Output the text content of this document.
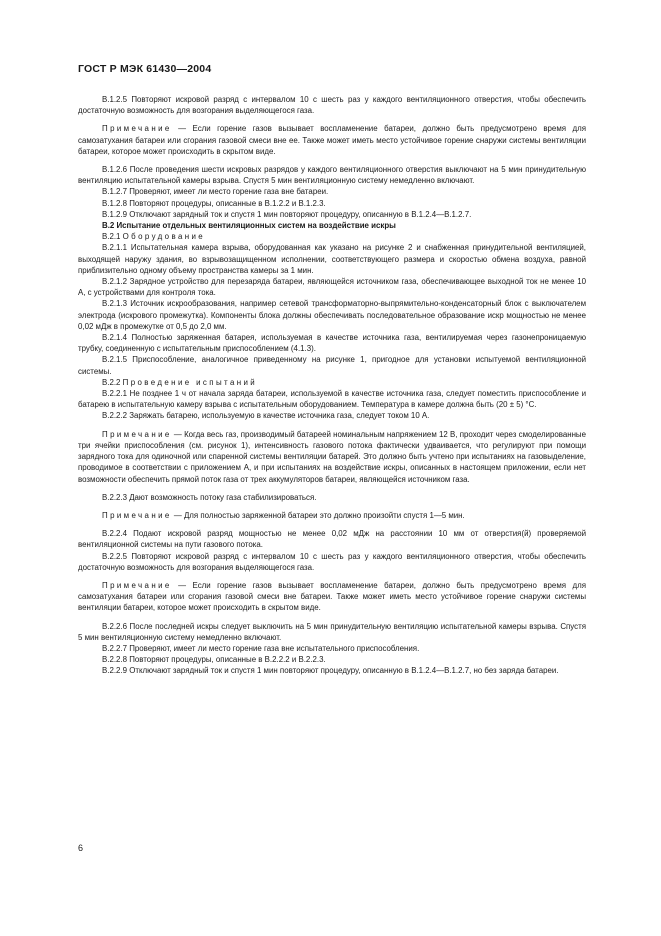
ГОСТ Р МЭК 61430—2004

B.1.2.5 Повторяют искровой разряд с интервалом 10 с шесть раз у каждого вентиляционного отверстия, чтобы обеспечить достаточную возможность для возгорания выделяющегося газа.

Примечание — Если горение газов вызывает воспламенение батареи, должно быть предусмотрено время для самозатухания батареи или сгорания газовой смеси вне ее. Также может иметь место устойчивое горение снаружи системы вентиляции батареи, которое может происходить в скрытом виде.

B.1.2.6 После проведения шести искровых разрядов у каждого вентиляционного отверстия выключают на 5 мин принудительную вентиляцию испытательной камеры взрыва. Спустя 5 мин вентиляционную систему немедленно включают.

B.1.2.7 Проверяют, имеет ли место горение газа вне батареи.

B.1.2.8 Повторяют процедуры, описанные в B.1.2.2 и B.1.2.3.

B.1.2.9 Отключают зарядный ток и спустя 1 мин повторяют процедуру, описанную в B.1.2.4—B.1.2.7.

B.2 Испытание отдельных вентиляционных систем на воздействие искры

B.2.1 Оборудование

B.2.1.1 Испытательная камера взрыва, оборудованная как указано на рисунке 2 и снабженная принудительной вентиляцией, выходящей наружу здания, во взрывозащищенном исполнении, соответствующего размера и скоростью обмена воздуха, равной приблизительно одному объему пространства камеры за 1 мин.

B.2.1.2 Зарядное устройство для перезаряда батареи, являющейся источником газа, обеспечивающее выходной ток не менее 10 А, с устройствами для контроля тока.

B.2.1.3 Источник искрообразования, например сетевой трансформаторно-выпрямительно-конденсаторный блок с выключателем электрода (искрового промежутка). Компоненты блока должны обеспечивать последовательное образование искр мощностью не менее 0,02 мДж в промежутке от 0,5 до 2,0 мм.

B.2.1.4 Полностью заряженная батарея, используемая в качестве источника газа, вентилируемая через газонепроницаемую трубку, соединенную с испытательным приспособлением (4.1.3).

B.2.1.5 Приспособление, аналогичное приведенному на рисунке 1, пригодное для установки испытуемой вентиляционной системы.

B.2.2 Проведение испытаний

B.2.2.1 Не позднее 1 ч от начала заряда батареи, используемой в качестве источника газа, следует поместить приспособление и батарею в испытательную камеру взрыва с испытательным оборудованием. Температура в камере должна быть (20 ± 5) °С.

B.2.2.2 Заряжать батарею, используемую в качестве источника газа, следует током 10 А.

Примечание — Когда весь газ, производимый батареей номинальным напряжением 12 В, проходит через смоделированные три ячейки приспособления (см. рисунок 1), интенсивность газового потока фактически удваивается, что регулируют при помощи зарядного тока для одиночной или спаренной системы вентиляции батарей. Это должно быть учтено при испытаниях на газовыделение, проводимое в соответствии с приложением А, и при испытаниях на воздействие искры, описанных в настоящем приложении, если нет возможности обеспечить прямой поток газа от трех аккумуляторов батареи, являющейся источником газа.

B.2.2.3 Дают возможность потоку газа стабилизироваться.

Примечание — Для полностью заряженной батареи это должно произойти спустя 1—5 мин.

B.2.2.4 Подают искровой разряд мощностью не менее 0,02 мДж на расстоянии 10 мм от отверстия(й) проверяемой вентиляционной системы на пути газового потока.

B.2.2.5 Повторяют искровой разряд с интервалом 10 с шесть раз у каждого вентиляционного отверстия, чтобы обеспечить достаточную возможность для возгорания выделяющегося газа.

Примечание — Если горение газов вызывает воспламенение батареи, должно быть предусмотрено время для самозатухания батареи или сгорания газовой смеси вне батареи. Также может иметь место устойчивое горение снаружи системы вентиляции батареи, которое может происходить в скрытом виде.

B.2.2.6 После последней искры следует выключить на 5 мин принудительную вентиляцию испытательной камеры взрыва. Спустя 5 мин вентиляционную систему немедленно включают.

B.2.2.7 Проверяют, имеет ли место горение газа вне испытательного приспособления.

B.2.2.8 Повторяют процедуры, описанные в B.2.2.2 и B.2.2.3.

B.2.2.9 Отключают зарядный ток и спустя 1 мин повторяют процедуру, описанную в B.1.2.4—B.1.2.7, но без заряда батареи.

6
